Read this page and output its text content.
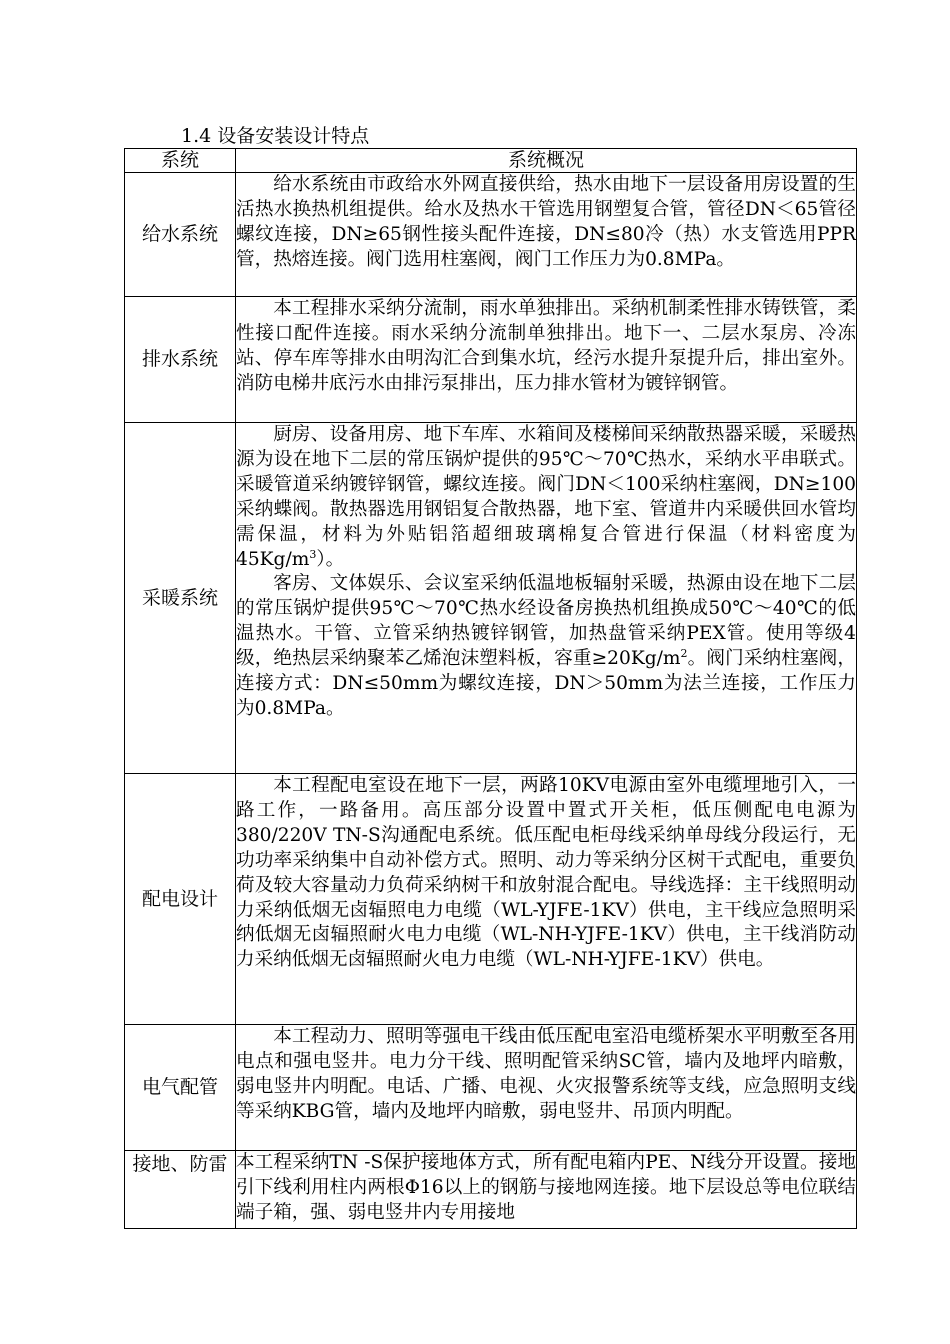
1.4 设备安装设计特点
系统	系统概况
给水系统	给水系统由市政给水外网直接供给，热水由地下一层设备用房设置的生活热水换热机组提供。给水及热水干管选用钢塑复合管，管径DN＜65管径螺纹连接，DN≥65钢性接头配件连接，DN≤80冷（热）水支管选用PPR管，热熔连接。阀门选用柱塞阀，阀门工作压力为0.8MPa。

排水系统	本工程排水采纳分流制，雨水单独排出。采纳机制柔性排水铸铁管，柔性接口配件连接。雨水采纳分流制单独排出。地下一、二层水泵房、冷冻站、停车库等排水由明沟汇合到集水坑，经污水提升泵提升后，排出室外。消防电梯井底污水由排污泵排出，压力排水管材为镀锌钢管。

采暖系统	厨房、设备用房、地下车库、水箱间及楼梯间采纳散热器采暖，采暖热源为设在地下二层的常压锅炉提供的95℃～70℃热水，采纳水平串联式。采暖管道采纳镀锌钢管，螺纹连接。阀门DN＜100采纳柱塞阀，DN≥100采纳蝶阀。散热器选用钢铝复合散热器，地下室、管道井内采暖供回水管均需保温，材料为外贴铝箔超细玻璃棉复合管进行保温（材料密度为$45Kg/m^3$）。

客房、文体娱乐、会议室采纳低温地板辐射采暖，热源由设在地下二层的常压锅炉提供95℃～70℃热水经设备房换热机组换成50℃～40℃的低温热水。干管、立管采纳热镀锌钢管，加热盘管采纳PEX管。使用等级4级，绝热层采纳聚苯乙烯泡沫塑料板，容重$\ge 20Kg/m^2$。阀门采纳柱塞阀，连接方式：DN≤50mm为螺纹连接，DN＞50mm为法兰连接，工作压力为0.8MPa。

配电设计	本工程配电室设在地下一层，两路10KV电源由室外电缆埋地引入，一路工作，一路备用。高压部分设置中置式开关柜，低压侧配电电源为380/220V TN-S沟通配电系统。低压配电柜母线采纳单母线分段运行，无功功率采纳集中自动补偿方式。照明、动力等采纳分区树干式配电，重要负荷及较大容量动力负荷采纳树干和放射混合配电。导线选择：主干线照明动力采纳低烟无卤辐照电力电缆（WL-YJFE-1KV）供电，主干线应急照明采纳低烟无卤辐照耐火电力电缆（WL-NH-YJFE-1KV）供电，主干线消防动力采纳低烟无卤辐照耐火电力电缆（WL-NH-YJFE-1KV）供电。

电气配管	本工程动力、照明等强电干线由低压配电室沿电缆桥架水平明敷至各用电点和强电竖井。电力分干线、照明配管采纳SC管，墙内及地坪内暗敷，弱电竖井内明配。电话、广播、电视、火灾报警系统等支线，应急照明支线等采纳KBG管，墙内及地坪内暗敷，弱电竖井、吊顶内明配。

接地、防雷	本工程采纳TN -S保护接地体方式，所有配电箱内PE、N线分开设置。接地引下线利用柱内两根Φ16以上的钢筋与接地网连接。地下层设总等电位联结端子箱，强、弱电竖井内专用接地
